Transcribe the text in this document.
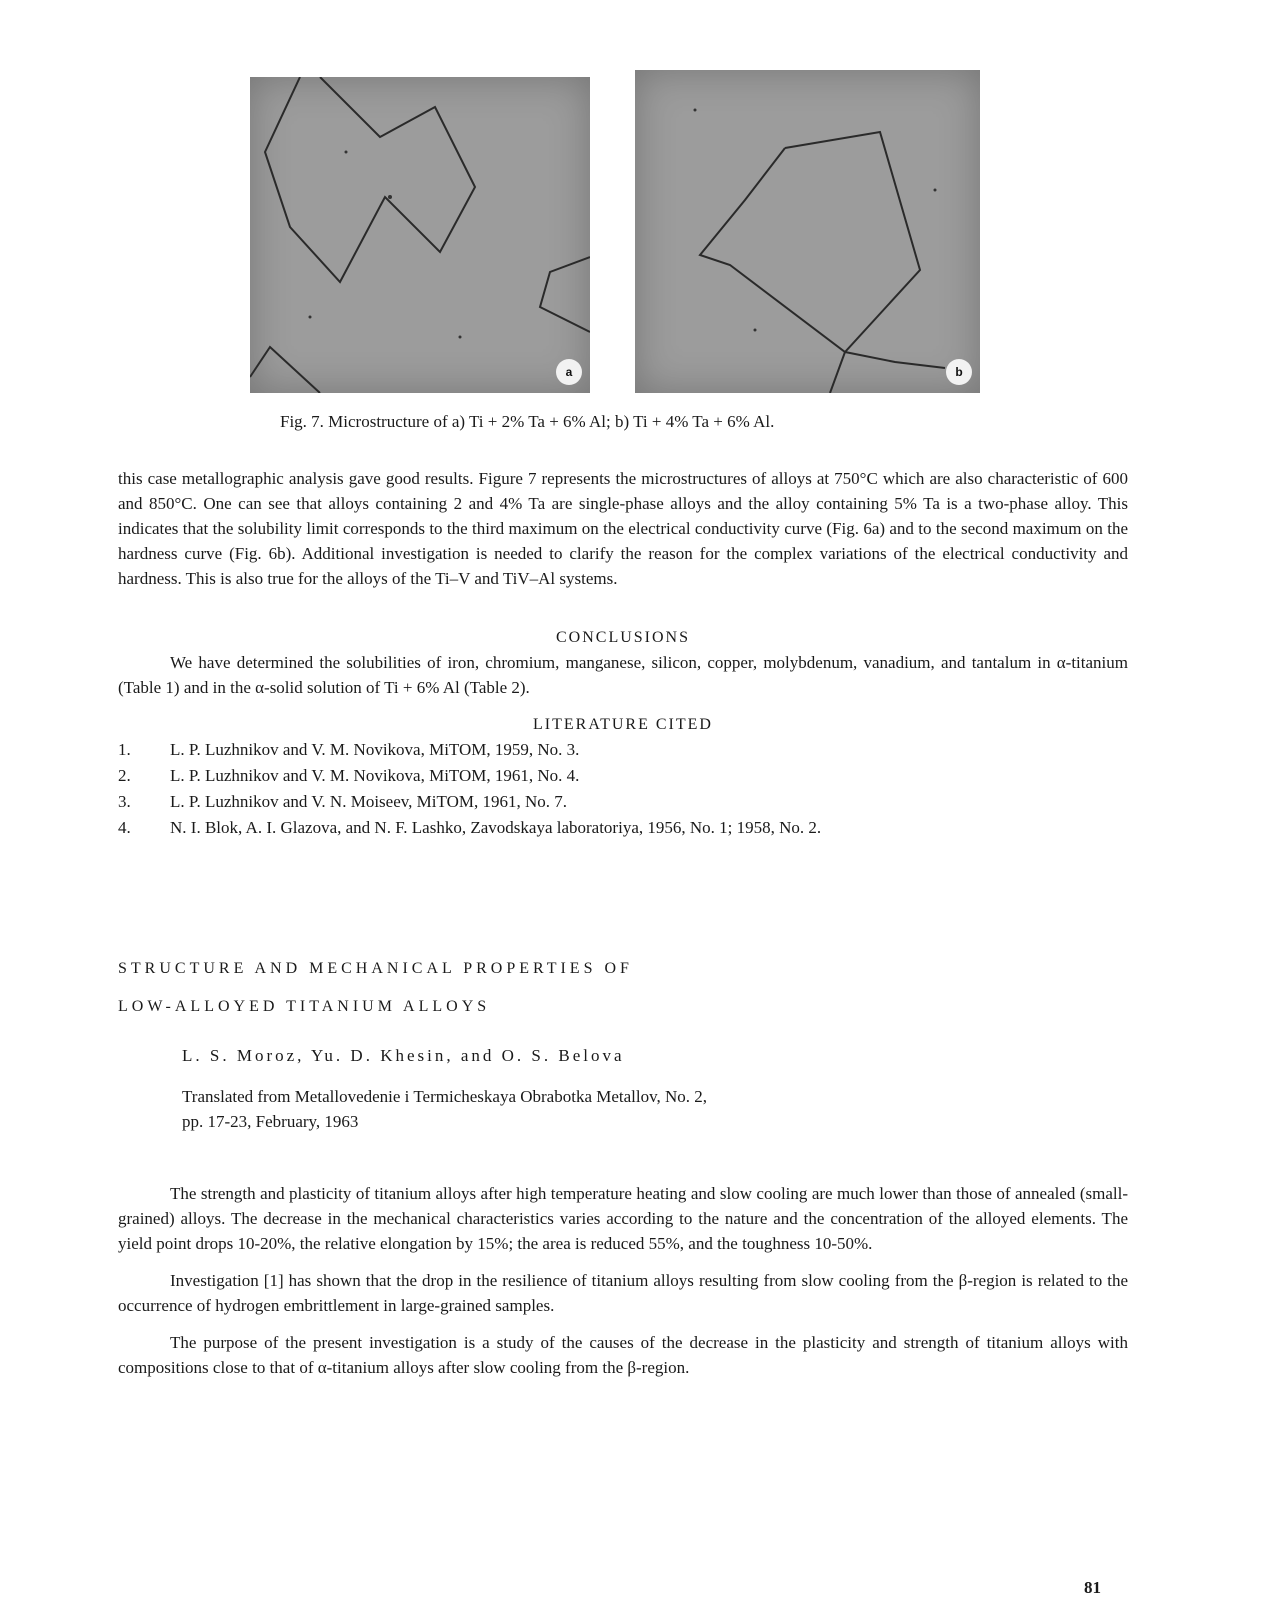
a	b
Fig. 7. Microstructure of a) Ti + 2% Ta + 6% Al; b) Ti + 4% Ta + 6% Al.
this case metallographic analysis gave good results. Figure 7 represents the microstructures of alloys at 750°C which are also characteristic of 600 and 850°C. One can see that alloys containing 2 and 4% Ta are single-phase alloys and the alloy containing 5% Ta is a two-phase alloy. This indicates that the solubility limit corresponds to the third maximum on the electrical conductivity curve (Fig. 6a) and to the second maximum on the hardness curve (Fig. 6b). Additional investigation is needed to clarify the reason for the complex variations of the electrical conductivity and hardness. This is also true for the alloys of the Ti–V and TiV–Al systems.

CONCLUSIONS

We have determined the solubilities of iron, chromium, manganese, silicon, copper, molybdenum, vanadium, and tantalum in α-titanium (Table 1) and in the α-solid solution of Ti + 6% Al (Table 2).

LITERATURE CITED

1.	L. P. Luzhnikov and V. M. Novikova, MiTOM, 1959, No. 3.
2.	L. P. Luzhnikov and V. M. Novikova, MiTOM, 1961, No. 4.
3.	L. P. Luzhnikov and V. N. Moiseev, MiTOM, 1961, No. 7.
4.	N. I. Blok, A. I. Glazova, and N. F. Lashko, Zavodskaya laboratoriya, 1956, No. 1; 1958, No. 2.
STRUCTURE AND MECHANICAL PROPERTIES OF
LOW-ALLOYED TITANIUM ALLOYS
L. S. Moroz, Yu. D. Khesin, and O. S. Belova
Translated from Metallovedenie i Termicheskaya Obrabotka Metallov, No. 2,
pp. 17-23, February, 1963

The strength and plasticity of titanium alloys after high temperature heating and slow cooling are much lower than those of annealed (small-grained) alloys. The decrease in the mechanical characteristics varies according to the nature and the concentration of the alloyed elements. The yield point drops 10-20%, the relative elongation by 15%; the area is reduced 55%, and the toughness 10-50%.

Investigation [1] has shown that the drop in the resilience of titanium alloys resulting from slow cooling from the β-region is related to the occurrence of hydrogen embrittlement in large-grained samples.

The purpose of the present investigation is a study of the causes of the decrease in the plasticity and strength of titanium alloys with compositions close to that of α-titanium alloys after slow cooling from the β-region.

81
